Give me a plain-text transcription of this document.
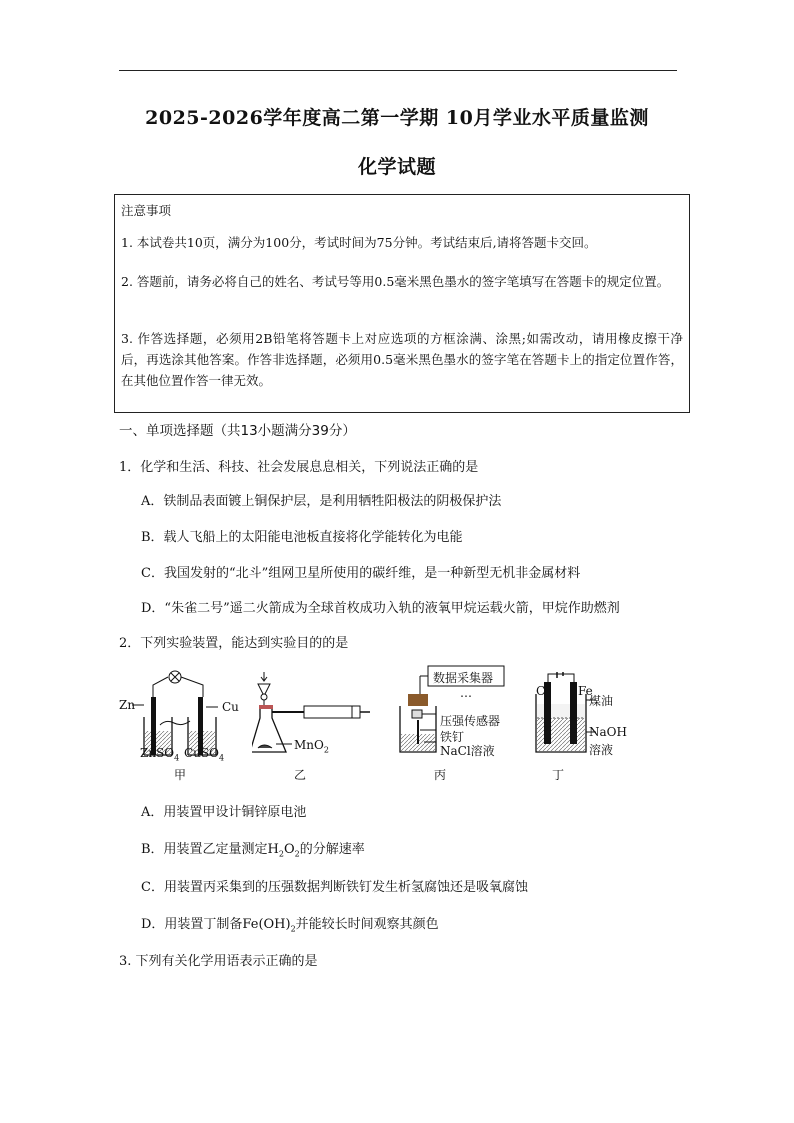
2025-2026学年度高二第一学期 10月学业水平质量监测
化学试题
注意事项
1. 本试卷共10页，满分为100分，考试时间为75分钟。考试结束后,请将答题卡交回。
2. 答题前，请务必将自己的姓名、考试号等用0.5毫米黑色墨水的签字笔填写在答题卡的规定位置。
3. 作答选择题，必须用2B铅笔将答题卡上对应选项的方框涂满、涂黑;如需改动，请用橡皮擦干净后，再选涂其他答案。作答非选择题，必须用0.5毫米黑色墨水的签字笔在答题卡上的指定位置作答，在其他位置作答一律无效。
一、单项选择题（共13小题满分39分）
1．化学和生活、科技、社会发展息息相关，下列说法正确的是
A．铁制品表面镀上铜保护层，是利用牺牲阳极法的阴极保护法
B．载人飞船上的太阳能电池板直接将化学能转化为电能
C．我国发射的“北斗”组网卫星所使用的碳纤维，是一种新型无机非金属材料
D．“朱雀二号”遥二火箭成为全球首枚成功入轨的液氧甲烷运载火箭，甲烷作助燃剂
2．下列实验装置，能达到实验目的的是
Zn	Cu
ZnSO$_4$ CuSO$_4$
甲
MnO$_2$
乙
数据采集器
…
压强传感器
铁钉
NaCl溶液
丙
C	Fe
煤油
NaOH
溶液
丁
A．用装置甲设计铜锌原电池
B．用装置乙定量测定$H_2O_2$的分解速率
C．用装置丙采集到的压强数据判断铁钉发生析氢腐蚀还是吸氧腐蚀
D．用装置丁制备$Fe(OH)_2$并能较长时间观察其颜色
3. 下列有关化学用语表示正确的是
